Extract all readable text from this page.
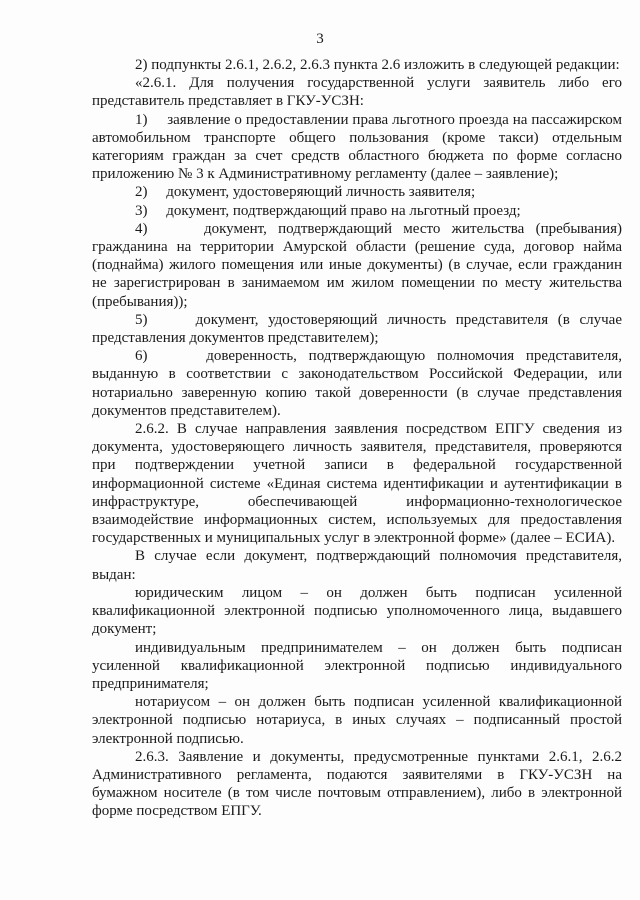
3

2) подпункты 2.6.1, 2.6.2, 2.6.3 пункта 2.6 изложить в следующей редакции:

«2.6.1. Для получения государственной услуги заявитель либо его представитель представляет в ГКУ-УСЗН:

1)     заявление о предоставлении права льготного проезда на пассажирском автомобильном транспорте общего пользования (кроме такси) отдельным категориям граждан за счет средств областного бюджета по форме согласно приложению № 3 к Административному регламенту (далее – заявление);

2)     документ, удостоверяющий личность заявителя;

3)     документ, подтверждающий право на льготный проезд;

4)     документ, подтверждающий место жительства (пребывания) гражданина на территории Амурской области (решение суда, договор найма (поднайма) жилого помещения или иные документы) (в случае, если гражданин не зарегистрирован в занимаемом им жилом помещении по месту жительства (пребывания));

5)     документ, удостоверяющий личность представителя (в случае представления документов представителем);

6)     доверенность, подтверждающую полномочия представителя, выданную в соответствии с законодательством Российской Федерации, или нотариально заверенную копию такой доверенности (в случае представления документов представителем).

2.6.2. В случае направления заявления посредством ЕПГУ сведения из документа, удостоверяющего личность заявителя, представителя, проверяются при подтверждении учетной записи в федеральной государственной информационной системе «Единая система идентификации и аутентификации в инфраструктуре, обеспечивающей информационно-технологическое взаимодействие информационных систем, используемых для предоставления государственных и муниципальных услуг в электронной форме» (далее – ЕСИА).

В случае если документ, подтверждающий полномочия представителя, выдан:

юридическим лицом – он должен быть подписан усиленной квалификационной электронной подписью уполномоченного лица, выдавшего документ;

индивидуальным предпринимателем – он должен быть подписан усиленной квалификационной электронной подписью индивидуального предпринимателя;

нотариусом – он должен быть подписан усиленной квалификационной электронной подписью нотариуса, в иных случаях – подписанный простой электронной подписью.

2.6.3. Заявление и документы, предусмотренные пунктами 2.6.1, 2.6.2 Административного регламента, подаются заявителями в ГКУ-УСЗН на бумажном носителе (в том числе почтовым отправлением), либо в электронной форме посредством ЕПГУ.
